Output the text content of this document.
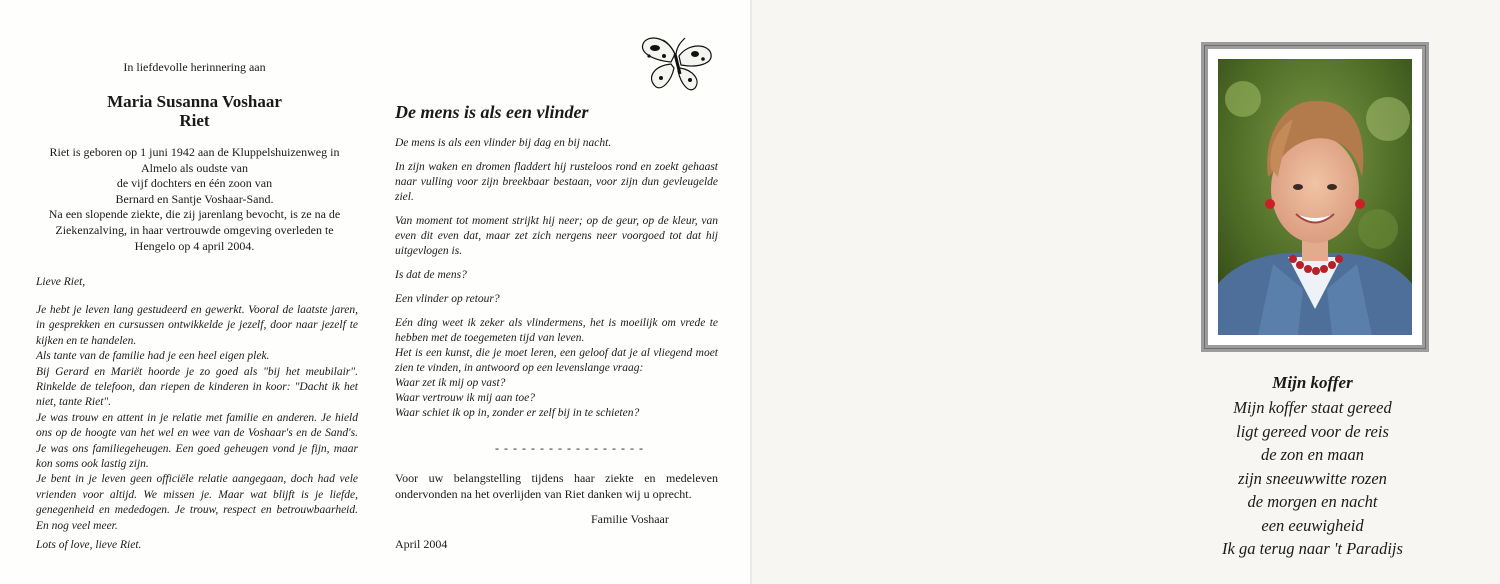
In liefdevolle herinnering aan
Maria Susanna Voshaar
Riet
Riet is geboren op 1 juni 1942 aan de Kluppelshuizenweg in
Almelo als oudste van
de vijf dochters en één zoon van
Bernard en Santje Voshaar-Sand.
Na een slopende ziekte, die zij jarenlang bevocht, is ze na de
Ziekenzalving, in haar vertrouwde omgeving overleden te
Hengelo op 4 april 2004.
Lieve Riet,

Je hebt je leven lang gestudeerd en gewerkt. Vooral de laatste jaren, in gesprekken en cursussen ontwikkelde je jezelf, door naar jezelf te kijken en te handelen.

Als tante van de familie had je een heel eigen plek.

Bij Gerard en Mariët hoorde je zo goed als "bij het meubilair". Rinkelde de telefoon, dan riepen de kinderen in koor: "Dacht ik het niet, tante Riet".

Je was trouw en attent in je relatie met familie en anderen. Je hield ons op de hoogte van het wel en wee van de Voshaar's en de Sand's. Je was ons familiegeheugen. Een goed geheugen vond je fijn, maar kon soms ook lastig zijn.

Je bent in je leven geen officiële relatie aangegaan, doch had vele vrienden voor altijd. We missen je. Maar wat blijft is je liefde, genegenheid en mededogen. Je trouw, respect en betrouwbaarheid. En nog veel meer.

Lots of love, lieve Riet.
De mens is als een vlinder

De mens is als een vlinder bij dag en bij nacht.

In zijn waken en dromen fladdert hij rusteloos rond en zoekt gehaast naar vulling voor zijn breekbaar bestaan, voor zijn dun gevleugelde ziel.

Van moment tot moment strijkt hij neer; op de geur, op de kleur, van even dit even dat, maar zet zich nergens neer voorgoed tot dat hij uitgevlogen is.

Is dat de mens?

Een vlinder op retour?

Eén ding weet ik zeker als vlindermens, het is moeilijk om vrede te hebben met de toegemeten tijd van leven.

Het is een kunst, die je moet leren, een geloof dat je al vliegend moet zien te vinden, in antwoord op een levenslange vraag:

Waar zet ik mij op vast?

Waar vertrouw ik mij aan toe?

Waar schiet ik op in, zonder er zelf bij in te schieten?

- - - - - - - - - - - - - - - - -
Voor uw belangstelling tijdens haar ziekte en medeleven ondervonden na het overlijden van Riet danken wij u oprecht.
Familie Voshaar
April 2004
Mijn koffer
Mijn koffer staat gereed
ligt gereed voor de reis
de zon en maan
zijn sneeuwwitte rozen
de morgen en nacht
een eeuwigheid
Ik ga terug naar 't Paradijs
